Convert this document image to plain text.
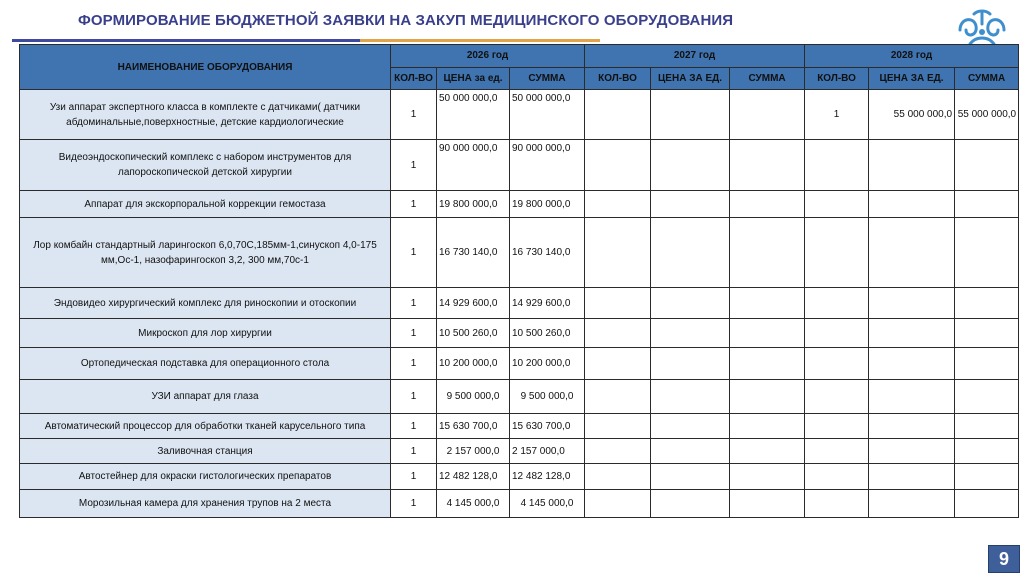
ФОРМИРОВАНИЕ БЮДЖЕТНОЙ ЗАЯВКИ НА ЗАКУП МЕДИЦИНСКОГО ОБОРУДОВАНИЯ
НАИМЕНОВАНИЕ ОБОРУДОВАНИЯ	2026 год			2027 год			2028 год		
	КОЛ-ВО	ЦЕНА за ед.	СУММА	КОЛ-ВО	ЦЕНА ЗА ЕД.	СУММА	КОЛ-ВО	ЦЕНА ЗА ЕД.	СУММА
Узи аппарат экспертного класса в комплекте с датчиками( датчики абдоминальные,поверхностные, детские кардиологические	1	50 000 000,0	50 000 000,0				1	55 000 000,0	55 000 000,0
Видеоэндоскопический комплекс с набором инструментов для лапороскопической детской хирургии	1	90 000 000,0	90 000 000,0						
Аппарат для экскорпоральной коррекции гемостаза	1	19 800 000,0	19 800 000,0						
Лор комбайн стандартный ларингоскоп 6,0,70С,185мм-1,синускоп 4,0-175 мм,Ос-1, назофарингоскоп 3,2, 300 мм,70с-1	1	16 730 140,0	16 730 140,0						
Эндовидео хирургический комплекс для риноскопии и отоскопии	1	14 929 600,0	14 929 600,0						
Микроскоп для лор хирургии	1	10 500 260,0	10 500 260,0						
Ортопедическая подставка для операционного стола	1	10 200 000,0	10 200 000,0						
УЗИ аппарат для глаза	1	9 500 000,0	9 500 000,0						
Автоматический процессор для обработки тканей карусельного типа	1	15 630 700,0	15 630 700,0						
Заливочная станция	1	2 157 000,0	2 157 000,0						
Автостейнер для окраски гистологических препаратов	1	12 482 128,0	12 482 128,0						
Морозильная камера для хранения трупов на 2 места	1	4 145 000,0	4 145 000,0						
9
